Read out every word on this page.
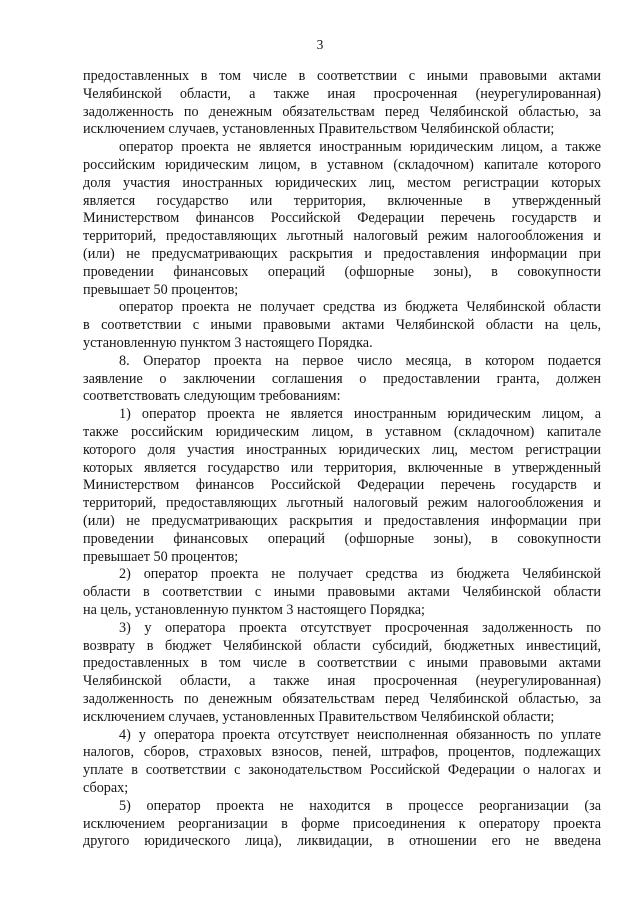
3
предоставленных в том числе в соответствии с иными правовыми актами
Челябинской области, а также иная просроченная (неурегулированная)
задолженность по денежным обязательствам перед Челябинской областью, за
исключением случаев, установленных Правительством Челябинской области;
оператор проекта не является иностранным юридическим лицом, а также
российским юридическим лицом, в уставном (складочном) капитале которого
доля участия иностранных юридических лиц, местом регистрации которых
является государство или территория, включенные в утвержденный
Министерством финансов Российской Федерации перечень государств и
территорий, предоставляющих льготный налоговый режим налогообложения и
(или) не предусматривающих раскрытия и предоставления информации при
проведении финансовых операций (офшорные зоны), в совокупности
превышает 50 процентов;
оператор проекта не получает средства из бюджета Челябинской области
в соответствии с иными правовыми актами Челябинской области на цель,
установленную пунктом 3 настоящего Порядка.
8. Оператор проекта на первое число месяца, в котором подается
заявление о заключении соглашения о предоставлении гранта, должен
соответствовать следующим требованиям:
1) оператор проекта не является иностранным юридическим лицом, а
также российским юридическим лицом, в уставном (складочном) капитале
которого доля участия иностранных юридических лиц, местом регистрации
которых является государство или территория, включенные в утвержденный
Министерством финансов Российской Федерации перечень государств и
территорий, предоставляющих льготный налоговый режим налогообложения и
(или) не предусматривающих раскрытия и предоставления информации при
проведении финансовых операций (офшорные зоны), в совокупности
превышает 50 процентов;
2) оператор проекта не получает средства из бюджета Челябинской
области в соответствии с иными правовыми актами Челябинской области
на цель, установленную пунктом 3 настоящего Порядка;
3) у оператора проекта отсутствует просроченная задолженность по
возврату в бюджет Челябинской области субсидий, бюджетных инвестиций,
предоставленных в том числе в соответствии с иными правовыми актами
Челябинской области, а также иная просроченная (неурегулированная)
задолженность по денежным обязательствам перед Челябинской областью, за
исключением случаев, установленных Правительством Челябинской области;
4) у оператора проекта отсутствует неисполненная обязанность по уплате
налогов, сборов, страховых взносов, пеней, штрафов, процентов, подлежащих
уплате в соответствии с законодательством Российской Федерации о налогах и
сборах;
5) оператор проекта не находится в процессе реорганизации (за
исключением реорганизации в форме присоединения к оператору проекта
другого юридического лица), ликвидации, в отношении его не введена
